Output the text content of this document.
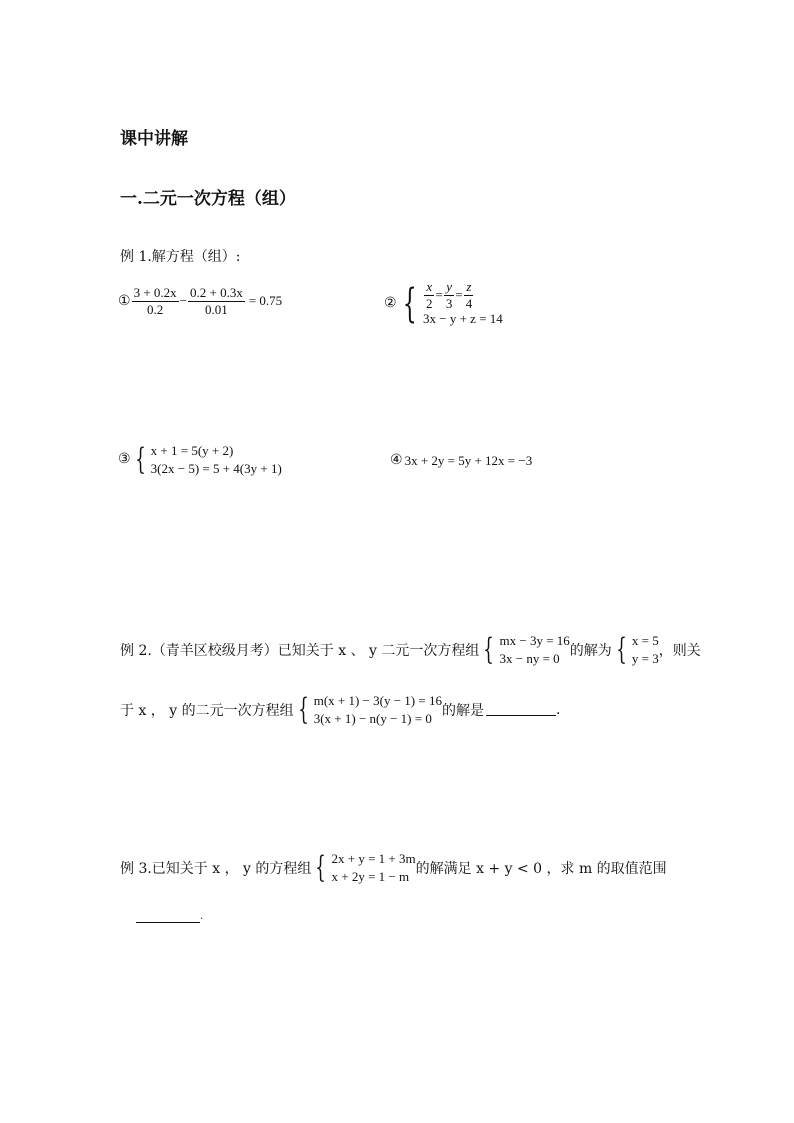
课中讲解
一.二元一次方程（组）
例 1.解方程（组）:
① $\frac{3 + 0.2x}{0.2} - \frac{0.2 + 0.3x}{0.01} = 0.75$	② { $\frac{x}{2} = \frac{y}{3} = \frac{z}{4}$
3x − y + z = 14
③ { x + 1 = 5(y + 2)
3(2x − 5) = 5 + 4(3y + 1)
④ 3x + 2y = 5y + 12x = −3
例 2.（青羊区校级月考）已知关于 x 、 y 二元一次方程组 { mx − 3y = 16
3x − ny = 0 的解为 { x = 5
y = 3 ，则关
于 x ， y 的二元一次方程组 { m(x + 1) − 3(y − 1) = 16
3(x + 1) − n(y − 1) = 0 的解是	.
例 3.已知关于 x ， y 的方程组 { 2x + y = 1 + 3m
x + 2y = 1 − m 的解满足 x + y < 0 ，求 m 的取值范围
.
